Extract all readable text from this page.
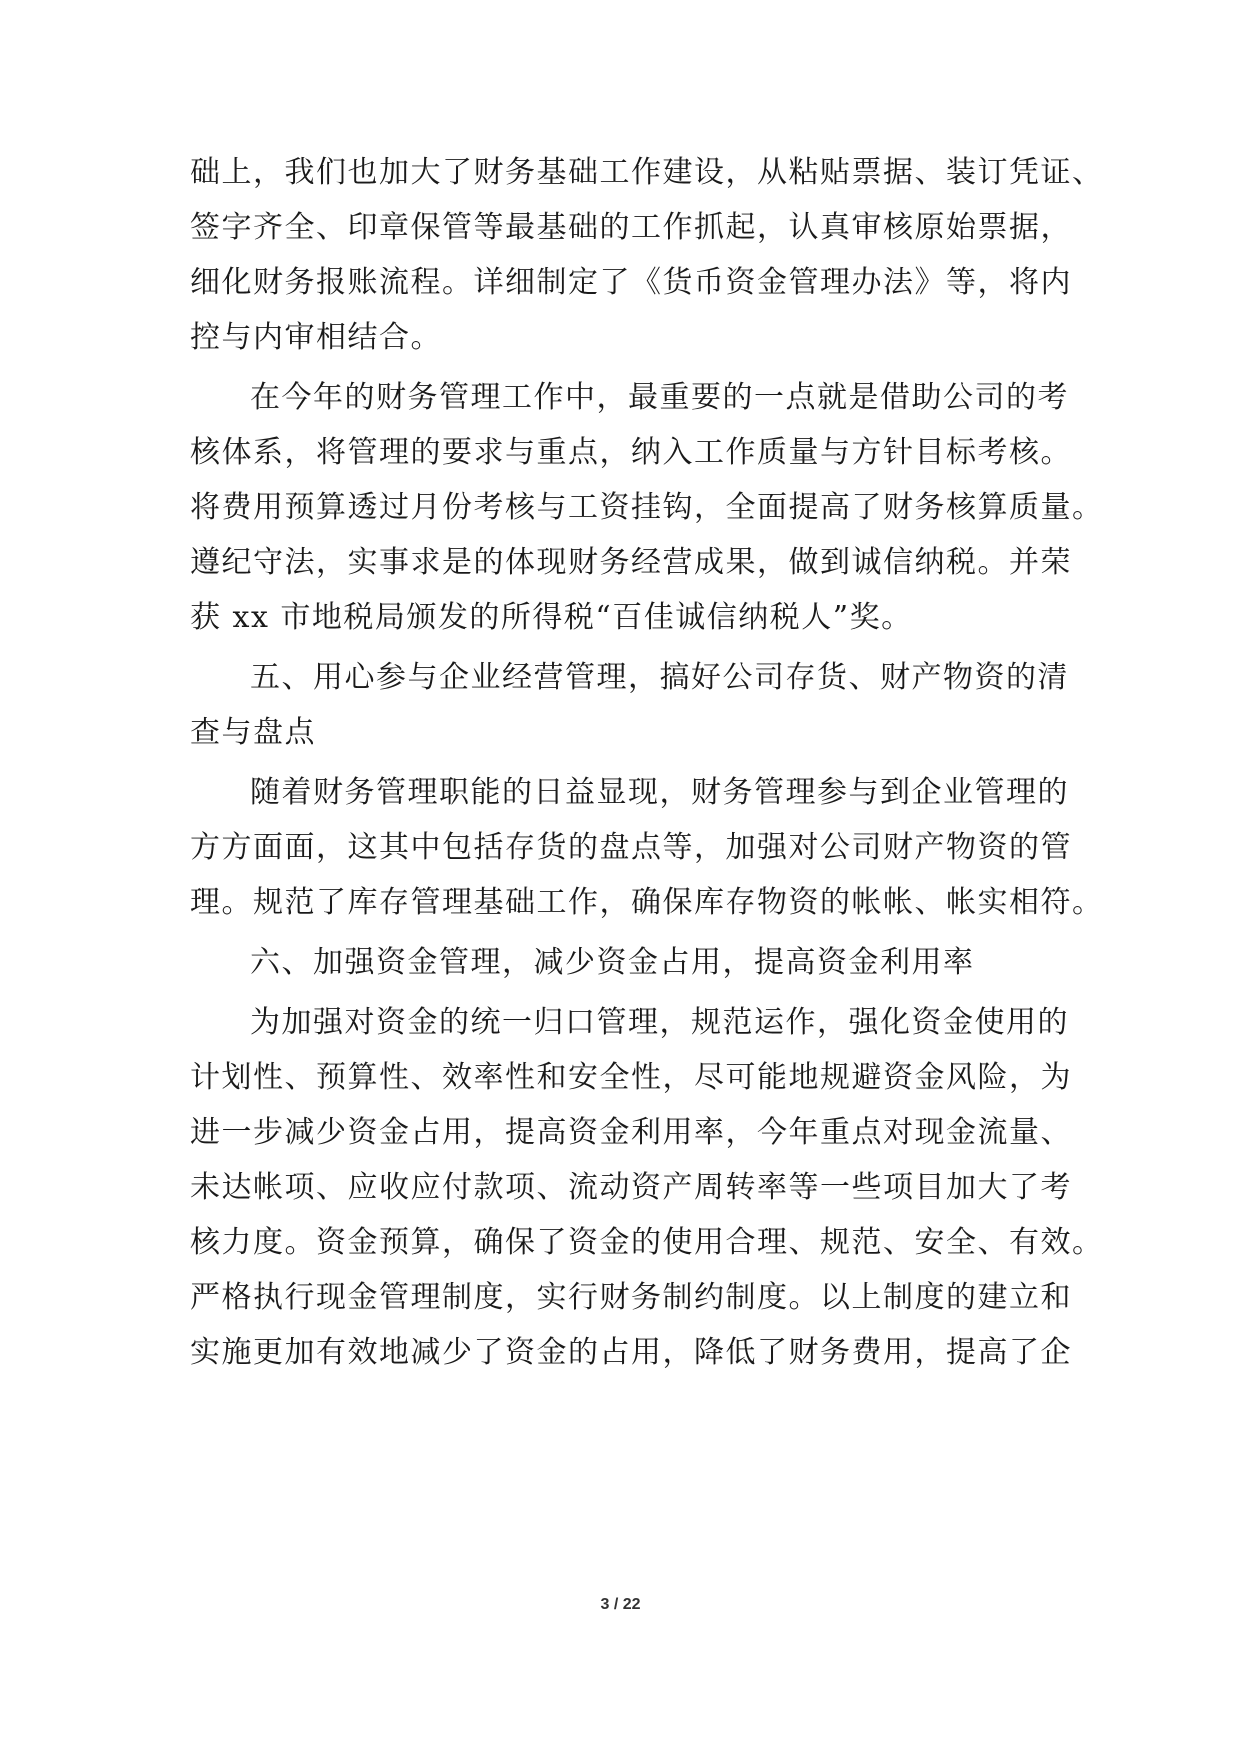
础上，我们也加大了财务基础工作建设，从粘贴票据、装订凭证、
签字齐全、印章保管等最基础的工作抓起，认真审核原始票据，
细化财务报账流程。详细制定了《货币资金管理办法》等，将内
控与内审相结合。
在今年的财务管理工作中，最重要的一点就是借助公司的考
核体系，将管理的要求与重点，纳入工作质量与方针目标考核。
将费用预算透过月份考核与工资挂钩，全面提高了财务核算质量。
遵纪守法，实事求是的体现财务经营成果，做到诚信纳税。并荣
获 xx 市地税局颁发的所得税“百佳诚信纳税人”奖。
五、用心参与企业经营管理，搞好公司存货、财产物资的清
查与盘点
随着财务管理职能的日益显现，财务管理参与到企业管理的
方方面面，这其中包括存货的盘点等，加强对公司财产物资的管
理。规范了库存管理基础工作，确保库存物资的帐帐、帐实相符。
六、加强资金管理，减少资金占用，提高资金利用率
为加强对资金的统一归口管理，规范运作，强化资金使用的
计划性、预算性、效率性和安全性，尽可能地规避资金风险，为
进一步减少资金占用，提高资金利用率，今年重点对现金流量、
未达帐项、应收应付款项、流动资产周转率等一些项目加大了考
核力度。资金预算，确保了资金的使用合理、规范、安全、有效。
严格执行现金管理制度，实行财务制约制度。以上制度的建立和
实施更加有效地减少了资金的占用，降低了财务费用，提高了企
3 / 22
